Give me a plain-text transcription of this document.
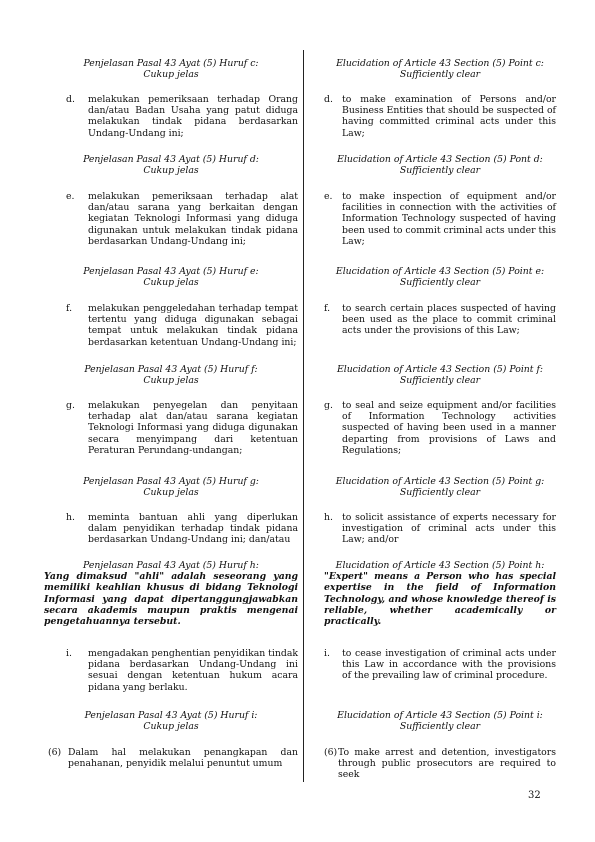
Penjelasan Pasal 43 Ayat (5) Huruf c:
Cukup jelas
d.	melakukan pemeriksaan terhadap Orang dan/atau Badan Usaha yang patut diduga melakukan tindak pidana berdasarkan Undang-Undang ini;
Penjelasan Pasal 43 Ayat (5) Huruf d:
Cukup jelas
e.	melakukan pemeriksaan terhadap alat dan/atau sarana yang berkaitan dengan kegiatan Teknologi Informasi yang diduga digunakan untuk melakukan tindak pidana berdasarkan Undang-Undang ini;
Penjelasan Pasal 43 Ayat (5) Huruf e:
Cukup jelas
f.	melakukan penggeledahan terhadap tempat tertentu yang diduga digunakan sebagai tempat untuk melakukan tindak pidana berdasarkan ketentuan Undang-Undang ini;
Penjelasan Pasal 43 Ayat (5) Huruf f:
Cukup jelas
g.	melakukan penyegelan dan penyitaan terhadap alat dan/atau sarana kegiatan Teknologi Informasi yang diduga digunakan secara menyimpang dari ketentuan Peraturan Perundang-undangan;
Penjelasan Pasal 43 Ayat (5) Huruf g:
Cukup jelas
h.	meminta bantuan ahli yang diperlukan dalam penyidikan terhadap tindak pidana berdasarkan Undang-Undang ini; dan/atau
Penjelasan Pasal 43 Ayat (5) Huruf h:
Yang dimaksud "ahli" adalah seseorang yang memiliki keahlian khusus di bidang Teknologi Informasi yang dapat dipertanggungjawabkan secara akademis maupun praktis mengenai pengetahuannya tersebut.
i.	mengadakan penghentian penyidikan tindak pidana berdasarkan Undang-Undang ini sesuai dengan ketentuan hukum acara pidana yang berlaku.
Penjelasan Pasal 43 Ayat (5) Huruf i:
Cukup jelas
(6) Dalam hal melakukan penangkapan dan penahanan, penyidik melalui penuntut umum
Elucidation of Article 43 Section (5) Point c:
Sufficiently clear
d. to make examination of Persons and/or Business Entities that should be suspected of having committed criminal acts under this Law;
Elucidation of Article 43 Section (5) Pont d:
Sufficiently clear
e.	to make inspection of equipment and/or facilities in connection with the activities of Information Technology suspected of having been used to commit criminal acts under this Law;
Elucidation of Article 43 Section (5) Point e:
Sufficiently clear
f.	to search certain places suspected of having been used as the place to commit criminal acts under the provisions of this Law;
Elucidation of Article 43 Section (5) Point f:
Sufficiently clear
g. to seal and seize equipment and/or facilities of Information Technology activities suspected of having been used in a manner departing from provisions of Laws and Regulations;
Elucidation of Article 43 Section (5) Point g:
Sufficiently clear
h. to solicit assistance of experts necessary for investigation of criminal acts under this Law; and/or
Elucidation of Article 43 Section (5) Point h:
"Expert" means a Person who has special expertise in the field of Information Technology, and whose knowledge thereof is reliable, whether academically or practically.
i.	to cease investigation of criminal acts under this Law in accordance with the provisions of the prevailing law of criminal procedure.
Elucidation of Article 43 Section (5) Point i:
Sufficiently clear
(6) To make arrest and detention, investigators through public prosecutors are required to seek
32
